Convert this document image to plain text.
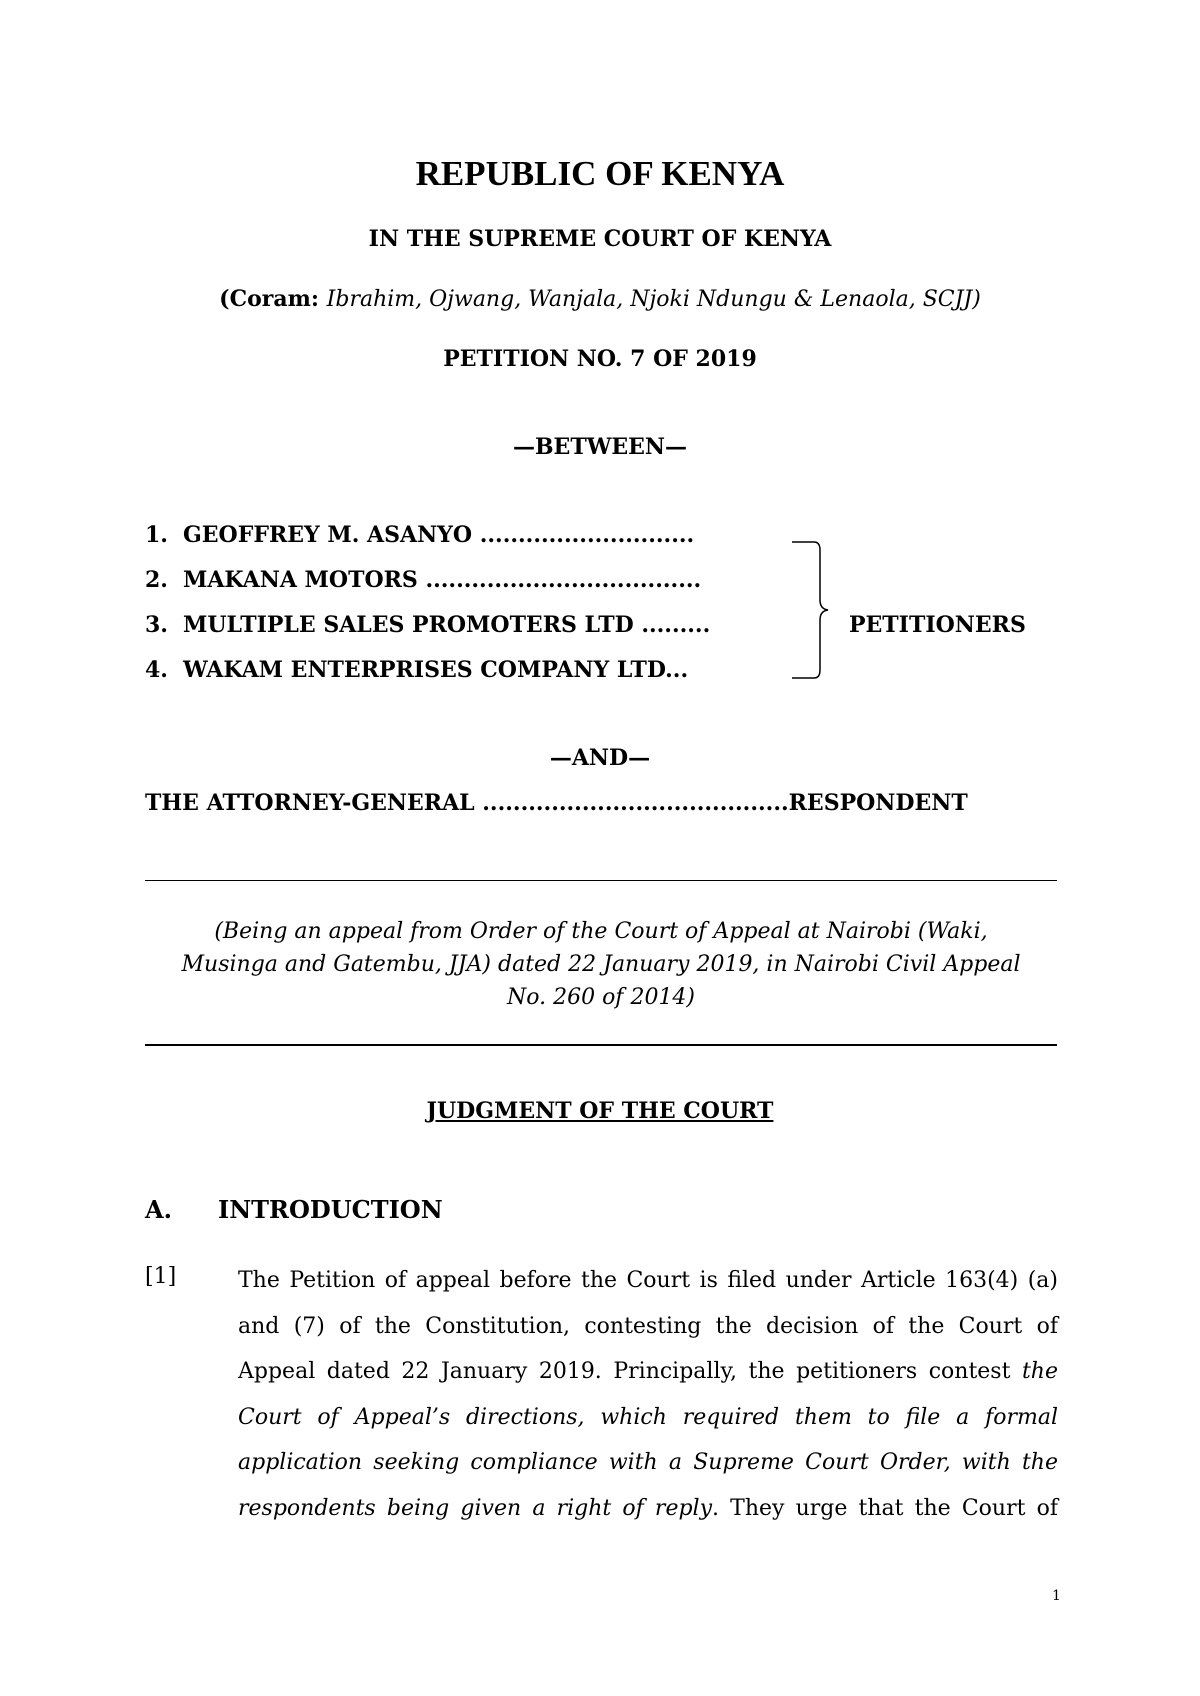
REPUBLIC OF KENYA
IN THE SUPREME COURT OF KENYA
(Coram: Ibrahim, Ojwang, Wanjala, Njoki Ndungu & Lenaola, SCJJ)
PETITION NO. 7 OF 2019
—BETWEEN—
1. GEOFFREY M. ASANYO ............................
2. MAKANA MOTORS ....................................
3. MULTIPLE SALES PROMOTERS LTD .........
4. WAKAM ENTERPRISES COMPANY LTD...
PETITIONERS
—AND—
THE ATTORNEY-GENERAL ........................................RESPONDENT
(Being an appeal from Order of the Court of Appeal at Nairobi (Waki,
Musinga and Gatembu, JJA) dated 22 January 2019, in Nairobi Civil Appeal
No. 260 of 2014)
JUDGMENT OF THE COURT
A. INTRODUCTION
[1]	The Petition of appeal before the Court is filed under Article 163(4) (a)
and (7) of the Constitution, contesting the decision of the Court of
Appeal dated 22 January 2019. Principally, the petitioners contest the
Court of Appeal’s directions, which required them to file a formal
application seeking compliance with a Supreme Court Order, with the
respondents being given a right of reply. They urge that the Court of
1
